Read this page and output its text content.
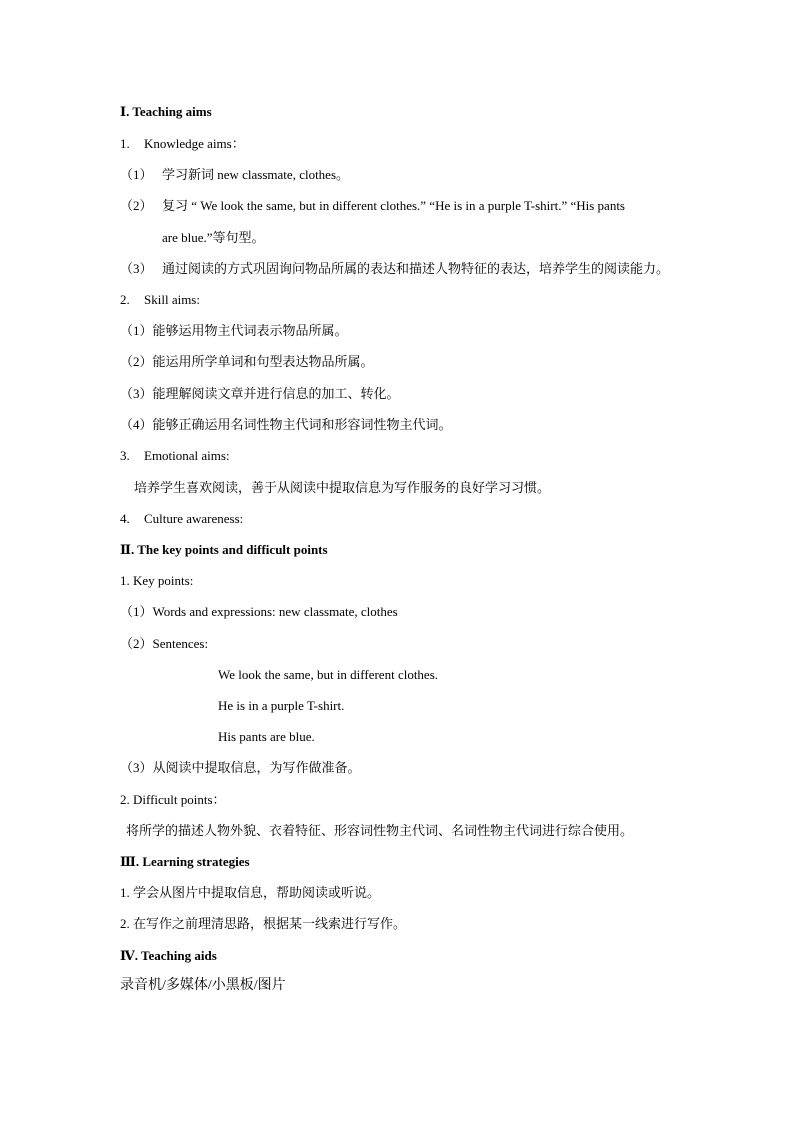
Ⅰ. Teaching aims
1. Knowledge aims：
（1） 学习新词 new classmate, clothes。
（2） 复习 “ We look the same, but in different clothes.” “He is in a purple T-shirt.” “His pants
are blue.”等句型。
（3） 通过阅读的方式巩固询问物品所属的表达和描述人物特征的表达，培养学生的阅读能力。
2. Skill aims:
（1）能够运用物主代词表示物品所属。
（2）能运用所学单词和句型表达物品所属。
（3）能理解阅读文章并进行信息的加工、转化。
（4）能够正确运用名词性物主代词和形容词性物主代词。
3. Emotional aims:
培养学生喜欢阅读，善于从阅读中提取信息为写作服务的良好学习习惯。
4. Culture awareness:
Ⅱ. The key points and difficult points
1. Key points:
（1）Words and expressions: new classmate, clothes
（2）Sentences:
We look the same, but in different clothes.
He is in a purple T-shirt.
His pants are blue.
（3）从阅读中提取信息，为写作做准备。
2. Difficult points：
将所学的描述人物外貌、衣着特征、形容词性物主代词、名词性物主代词进行综合使用。
Ⅲ. Learning strategies
1. 学会从图片中提取信息，帮助阅读或听说。
2. 在写作之前理清思路，根据某一线索进行写作。
Ⅳ. Teaching aids
录音机/多媒体/小黑板/图片
